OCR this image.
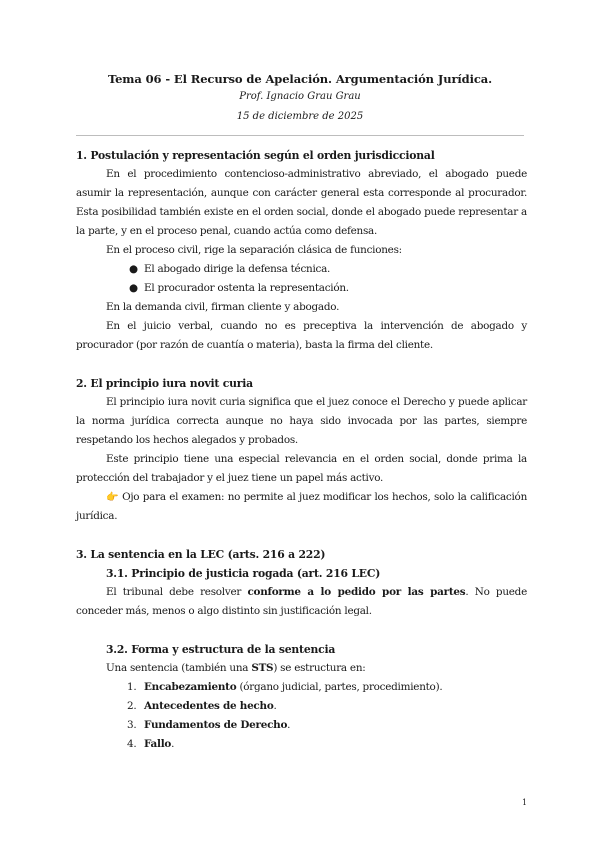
Tema 06 - El Recurso de Apelación. Argumentación Jurídica.
Prof. Ignacio Grau Grau
15 de diciembre de 2025
1. Postulación y representación según el orden jurisdiccional

En el procedimiento contencioso-administrativo abreviado, el abogado puede asumir la representación, aunque con carácter general esta corresponde al procurador. Esta posibilidad también existe en el orden social, donde el abogado puede representar a la parte, y en el proceso penal, cuando actúa como defensa.

En el proceso civil, rige la separación clásica de funciones:

● El abogado dirige la defensa técnica.
● El procurador ostenta la representación.

En la demanda civil, firman cliente y abogado.

En el juicio verbal, cuando no es preceptiva la intervención de abogado y procurador (por razón de cuantía o materia), basta la firma del cliente.

2. El principio iura novit curia

El principio iura novit curia significa que el juez conoce el Derecho y puede aplicar la norma jurídica correcta aunque no haya sido invocada por las partes, siempre respetando los hechos alegados y probados.

Este principio tiene una especial relevancia en el orden social, donde prima la protección del trabajador y el juez tiene un papel más activo.

👉 Ojo para el examen: no permite al juez modificar los hechos, solo la calificación jurídica.

3. La sentencia en la LEC (arts. 216 a 222)
3.1. Principio de justicia rogada (art. 216 LEC)

El tribunal debe resolver conforme a lo pedido por las partes. No puede conceder más, menos o algo distinto sin justificación legal.

3.2. Forma y estructura de la sentencia

Una sentencia (también una STS) se estructura en:

1. Encabezamiento (órgano judicial, partes, procedimiento).
2. Antecedentes de hecho.
3. Fundamentos de Derecho.
4. Fallo.
1
